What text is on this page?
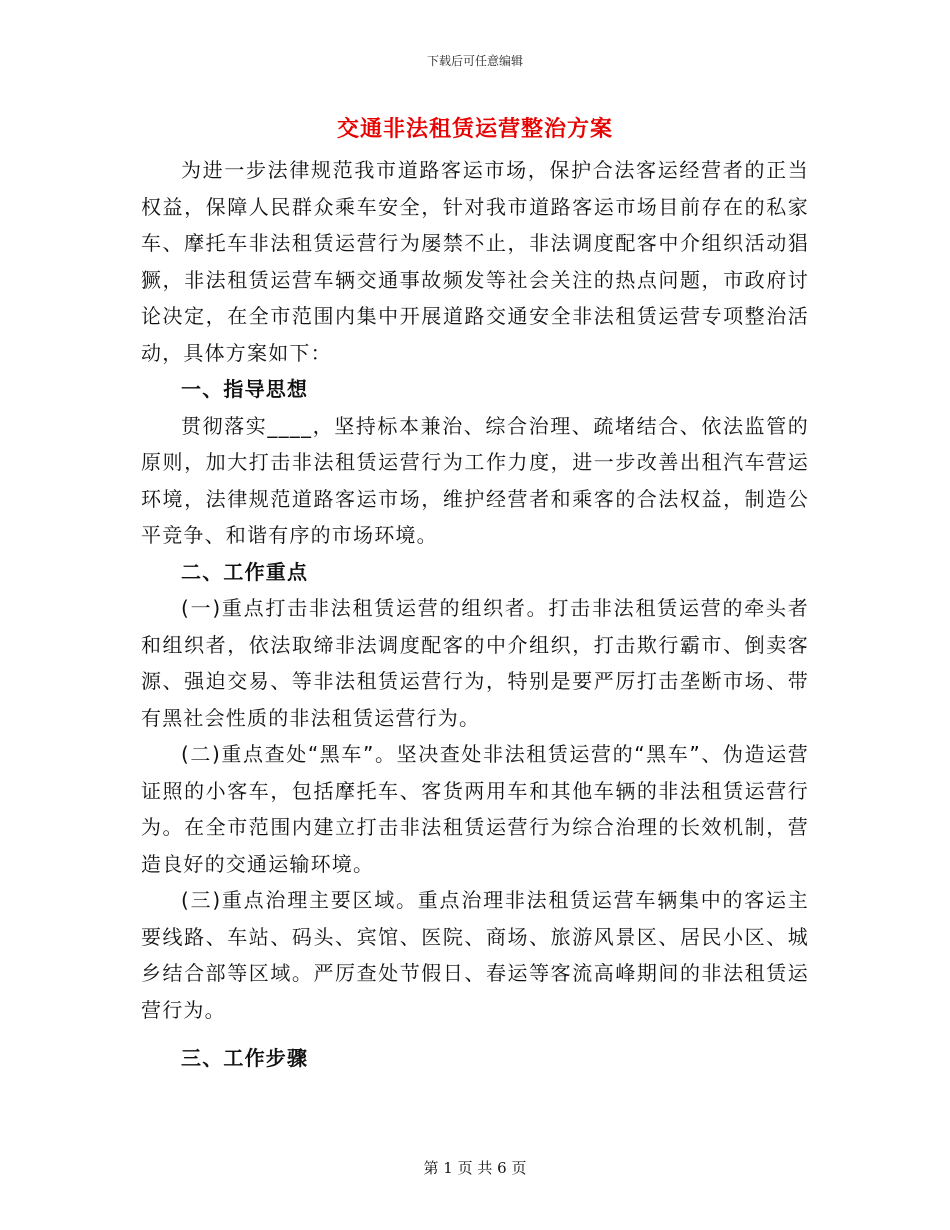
下载后可任意编辑
交通非法租赁运营整治方案

为进一步法律规范我市道路客运市场，保护合法客运经营者的正当权益，保障人民群众乘车安全，针对我市道路客运市场目前存在的私家车、摩托车非法租赁运营行为屡禁不止，非法调度配客中介组织活动猖獗，非法租赁运营车辆交通事故频发等社会关注的热点问题，市政府讨论决定，在全市范围内集中开展道路交通安全非法租赁运营专项整治活动，具体方案如下：

一、指导思想

贯彻落实____，坚持标本兼治、综合治理、疏堵结合、依法监管的原则，加大打击非法租赁运营行为工作力度，进一步改善出租汽车营运环境，法律规范道路客运市场，维护经营者和乘客的合法权益，制造公平竞争、和谐有序的市场环境。

二、工作重点

(一)重点打击非法租赁运营的组织者。打击非法租赁运营的牵头者和组织者，依法取缔非法调度配客的中介组织，打击欺行霸市、倒卖客源、强迫交易、等非法租赁运营行为，特别是要严厉打击垄断市场、带有黑社会性质的非法租赁运营行为。

(二)重点查处“黑车”。坚决查处非法租赁运营的“黑车”、伪造运营证照的小客车，包括摩托车、客货两用车和其他车辆的非法租赁运营行为。在全市范围内建立打击非法租赁运营行为综合治理的长效机制，营造良好的交通运输环境。

(三)重点治理主要区域。重点治理非法租赁运营车辆集中的客运主要线路、车站、码头、宾馆、医院、商场、旅游风景区、居民小区、城乡结合部等区域。严厉查处节假日、春运等客流高峰期间的非法租赁运营行为。

三、工作步骤

第 1 页 共 6 页
